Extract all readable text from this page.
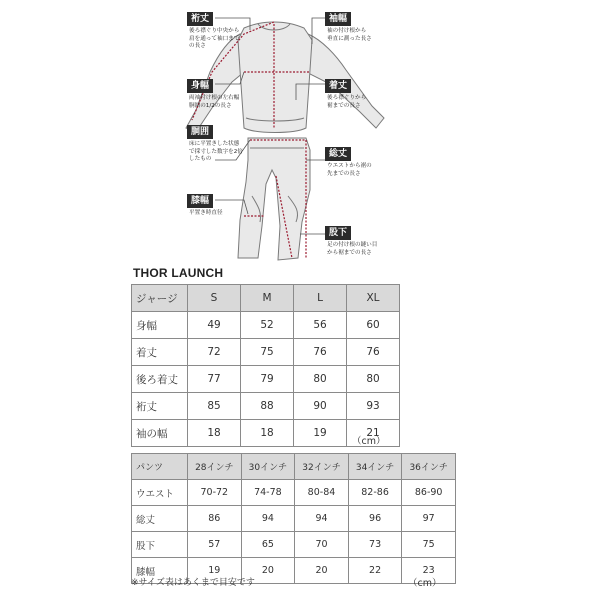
裄丈
後ろ襟ぐり中央から
肩を通って袖口まで
の長さ
袖幅
袖の付け根から
垂直に測った長さ
身幅
両袖付け根の左右幅
胴囲の1/2の長さ
着丈
後ろ襟ぐりから
裾までの長さ
胴囲
床に平置きした状態
で採寸した数字を2倍
したもの	総丈
ウエストから裾の
先までの長さ
膝幅
平置き時直径
股下
足の付け根の縫い目
から裾までの長さ
THOR LAUNCH
ジャージ	S	M	L	XL
身幅	49	52	56	60
着丈	72	75	76	76
後ろ着丈	77	79	80	80
裄丈	85	88	90	93
袖の幅	18	18	19	21
（cm）
パンツ	28インチ	30インチ	32インチ	34インチ	36インチ
ウエスト	70-72	74-78	80-84	82-86	86-90
総丈	86	94	94	96	97
股下	57	65	70	73	75
膝幅	19	20	20	22	23
※サイズ表はあくまで目安です	（cm）
